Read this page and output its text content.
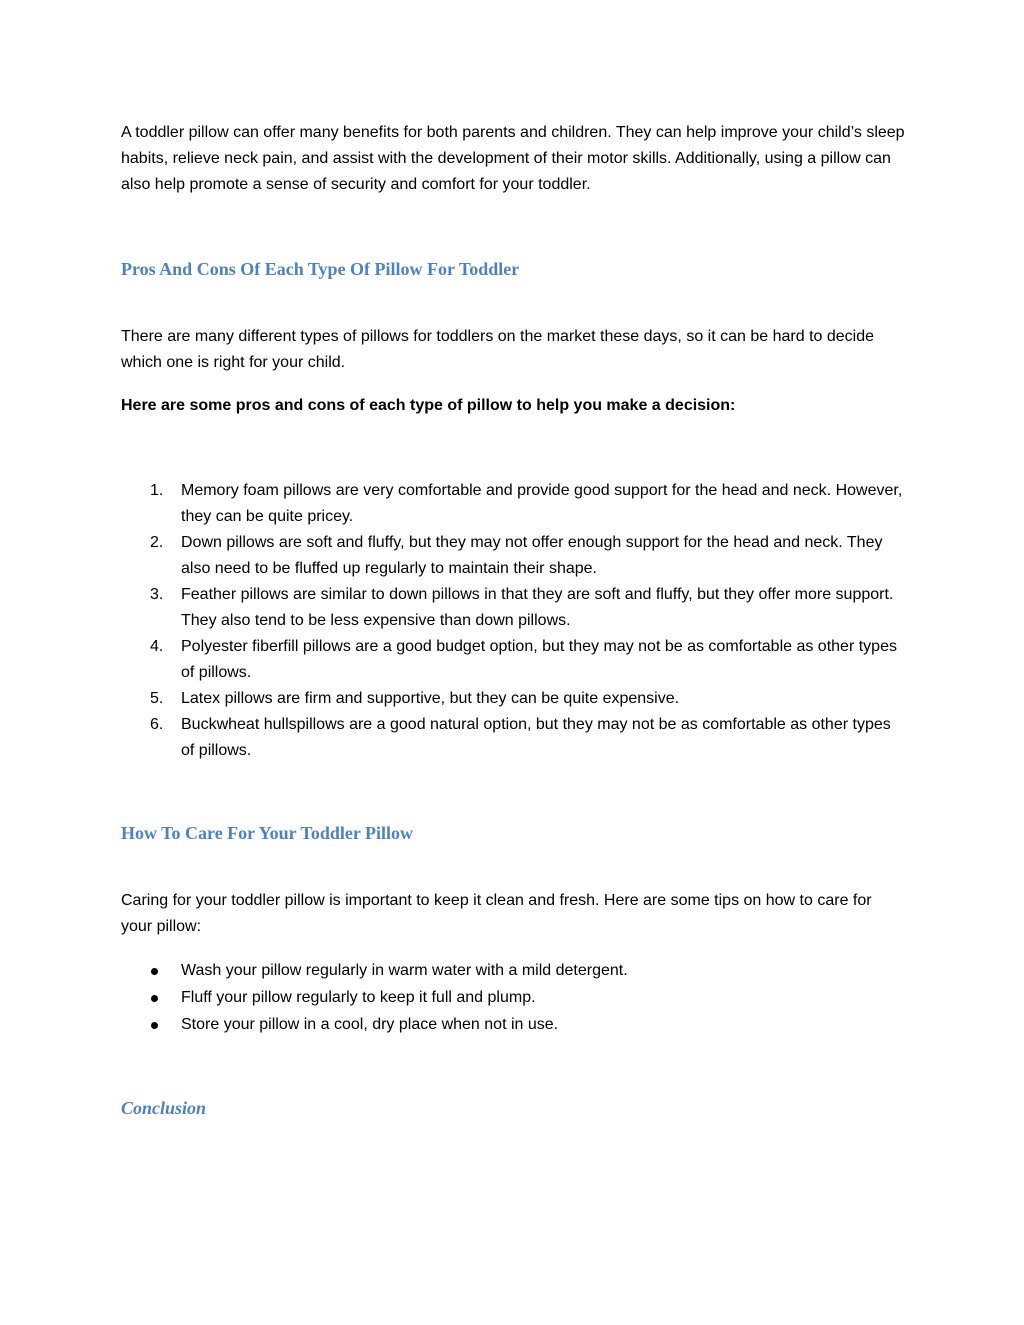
A toddler pillow can offer many benefits for both parents and children. They can help improve your child’s sleep habits, relieve neck pain, and assist with the development of their motor skills. Additionally, using a pillow can also help promote a sense of security and comfort for your toddler.

Pros And Cons Of Each Type Of Pillow For Toddler

There are many different types of pillows for toddlers on the market these days, so it can be hard to decide which one is right for your child.

Here are some pros and cons of each type of pillow to help you make a decision:

1. Memory foam pillows are very comfortable and provide good support for the head and neck. However, they can be quite pricey.
2. Down pillows are soft and fluffy, but they may not offer enough support for the head and neck. They also need to be fluffed up regularly to maintain their shape.
3. Feather pillows are similar to down pillows in that they are soft and fluffy, but they offer more support. They also tend to be less expensive than down pillows.
4. Polyester fiberfill pillows are a good budget option, but they may not be as comfortable as other types of pillows.
5. Latex pillows are firm and supportive, but they can be quite expensive.
6. Buckwheat hullspillows are a good natural option, but they may not be as comfortable as other types of pillows.
How To Care For Your Toddler Pillow

Caring for your toddler pillow is important to keep it clean and fresh. Here are some tips on how to care for your pillow:

Wash your pillow regularly in warm water with a mild detergent.
Fluff your pillow regularly to keep it full and plump.
Store your pillow in a cool, dry place when not in use.
Conclusion
